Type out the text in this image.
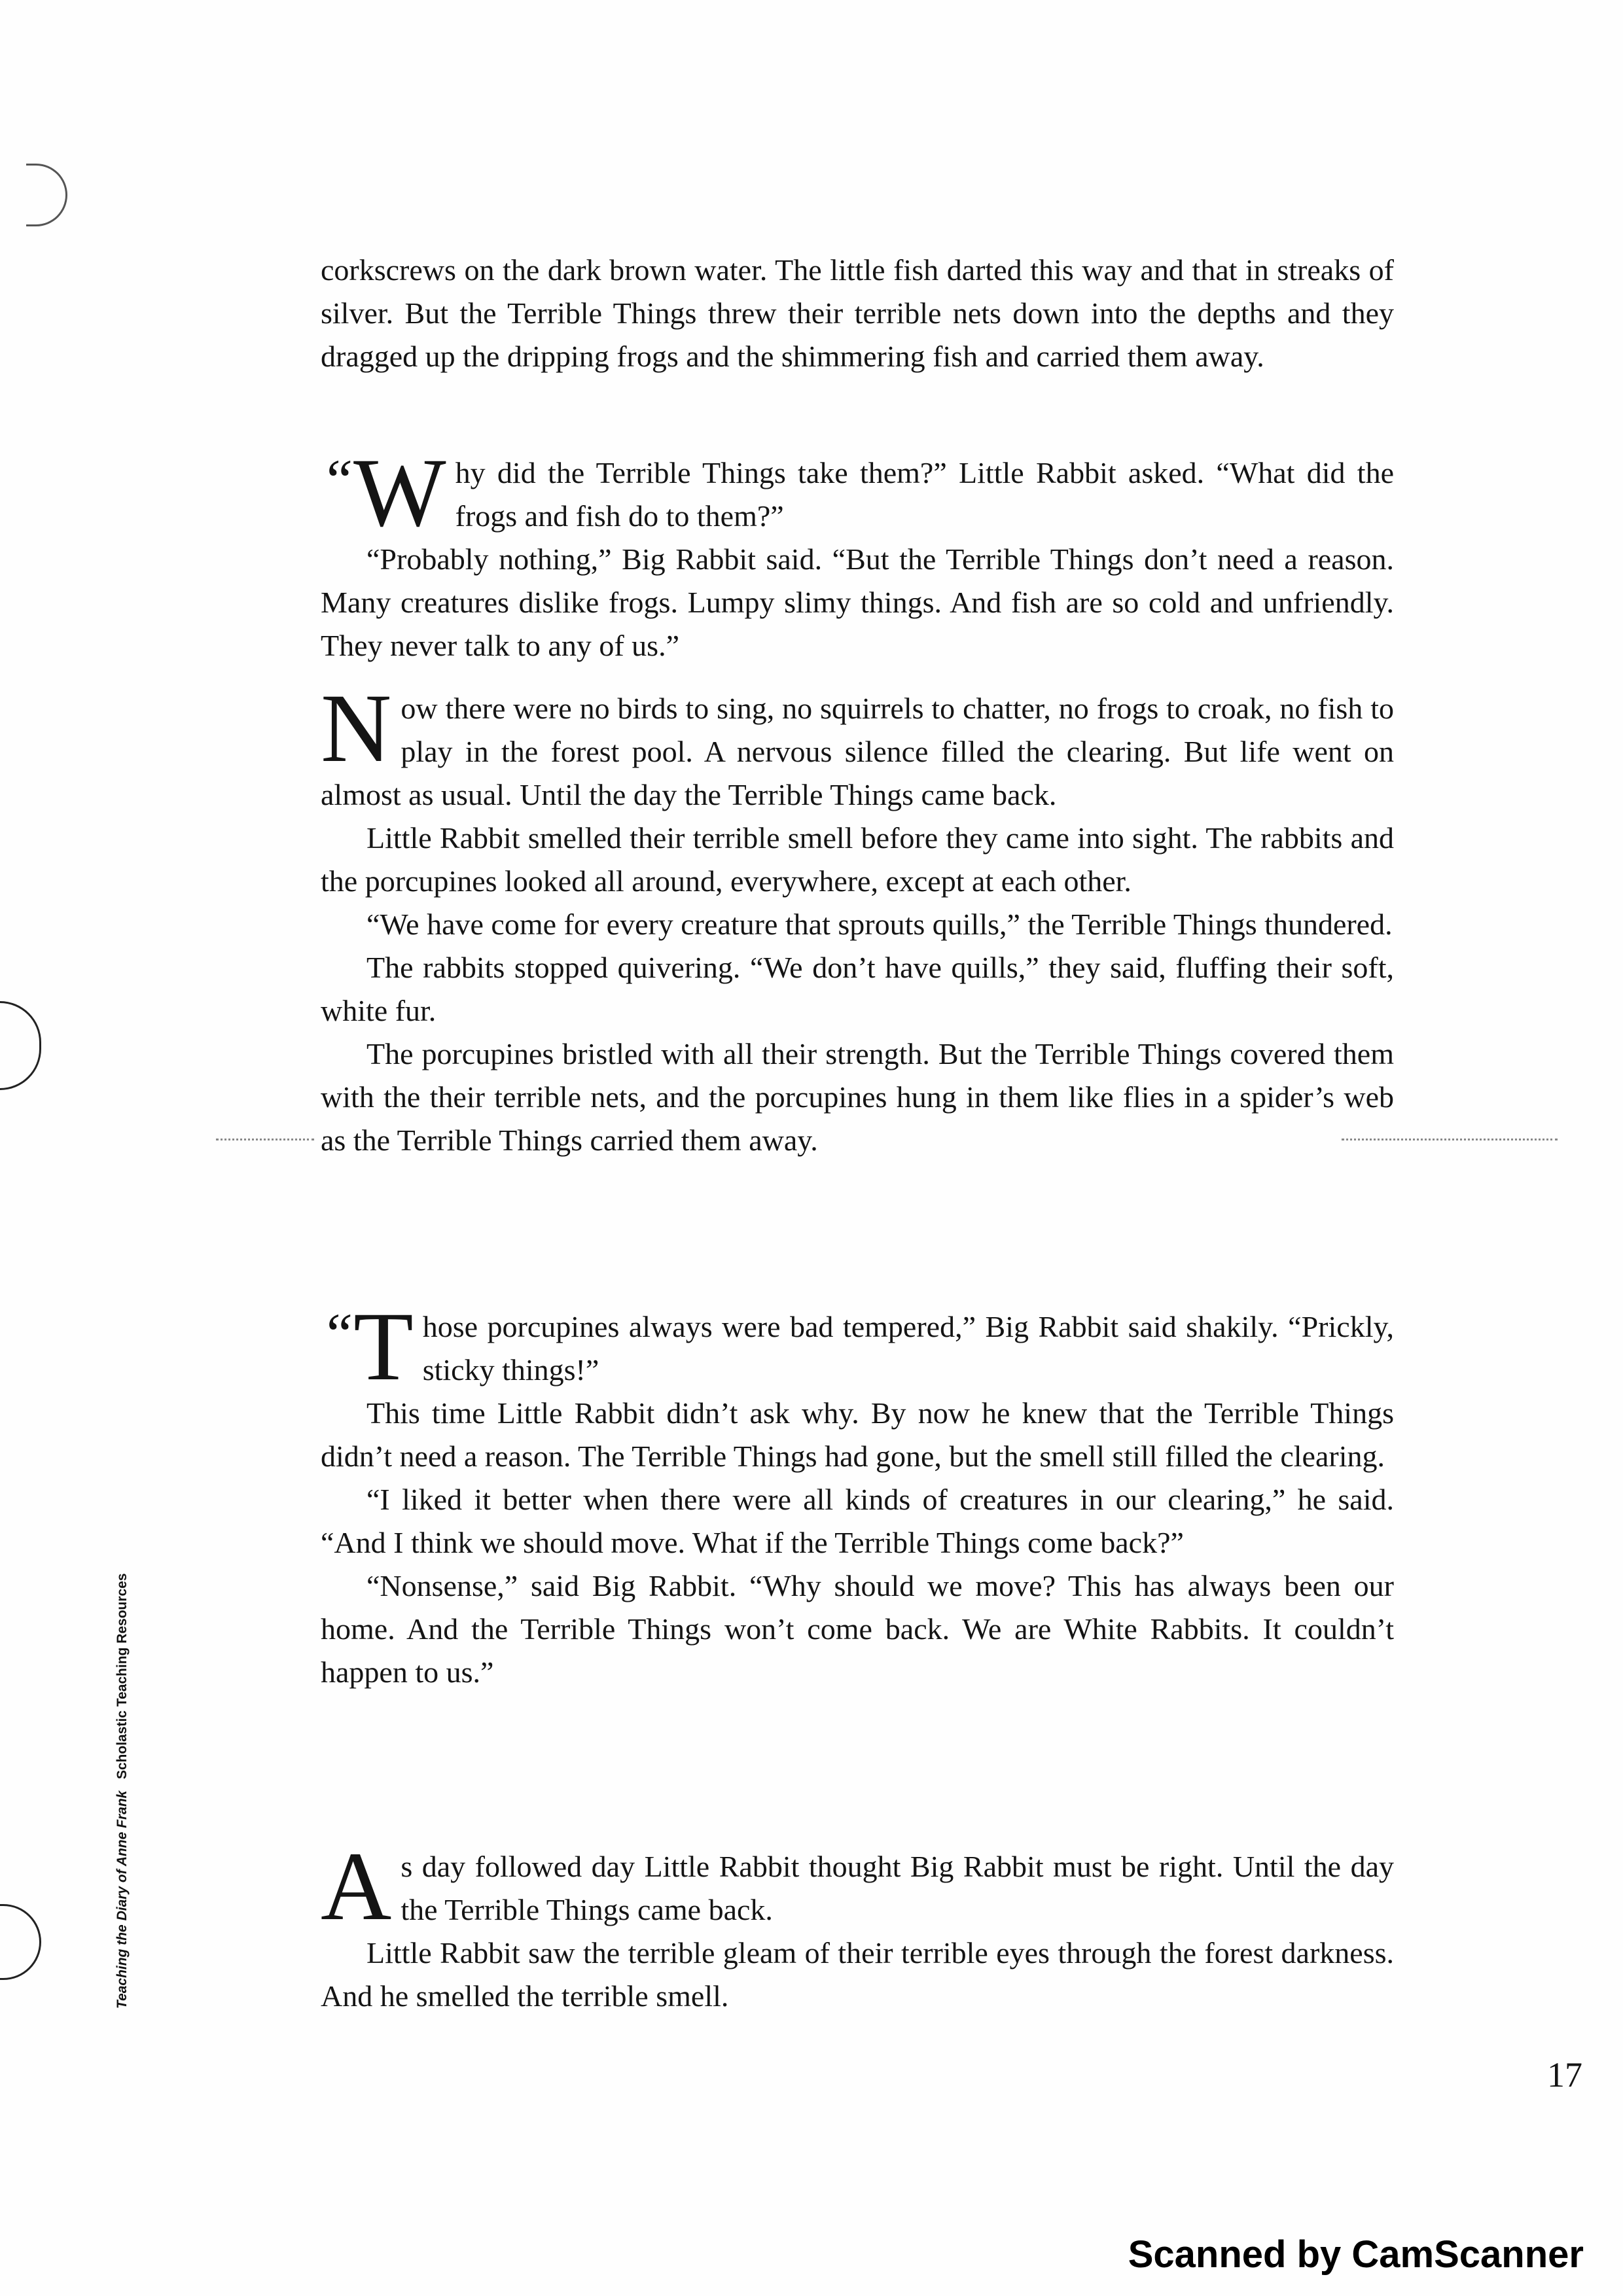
corkscrews on the dark brown water. The little fish darted this way and that in streaks of silver. But the Terrible Things threw their terrible nets down into the depths and they dragged up the dripping frogs and the shimmering fish and carried them away.

“ W hy did the Terrible Things take them?” Little Rabbit asked. “What did the frogs and fish do to them?”

“Probably nothing,” Big Rabbit said. “But the Terrible Things don’t need a reason. Many creatures dislike frogs. Lumpy slimy things. And fish are so cold and unfriendly. They never talk to any of us.”

Now there were no birds to sing, no squirrels to chatter, no frogs to croak, no fish to play in the forest pool. A nervous silence filled the clearing. But life went on almost as usual. Until the day the Terrible Things came back.

Little Rabbit smelled their terrible smell before they came into sight. The rabbits and the porcupines looked all around, everywhere, except at each other.

“We have come for every creature that sprouts quills,” the Terrible Things thundered.

The rabbits stopped quivering. “We don’t have quills,” they said, fluffing their soft, white fur.

The porcupines bristled with all their strength. But the Terrible Things covered them with the their terrible nets, and the porcupines hung in them like flies in a spider’s web as the Terrible Things carried them away.

“ T hose porcupines always were bad tempered,” Big Rabbit said shakily. “Prickly, sticky things!”

This time Little Rabbit didn’t ask why. By now he knew that the Terrible Things didn’t need a reason. The Terrible Things had gone, but the smell still filled the clearing.

“I liked it better when there were all kinds of creatures in our clearing,” he said. “And I think we should move. What if the Terrible Things come back?”

“Nonsense,” said Big Rabbit. “Why should we move? This has always been our home. And the Terrible Things won’t come back. We are White Rabbits. It couldn’t happen to us.”

As day followed day Little Rabbit thought Big Rabbit must be right. Until the day the Terrible Things came back.

Little Rabbit saw the terrible gleam of their terrible eyes through the forest darkness. And he smelled the terrible smell.

Teaching the Diary of Anne Frank   Scholastic Teaching Resources
17
Scanned by CamScanner
